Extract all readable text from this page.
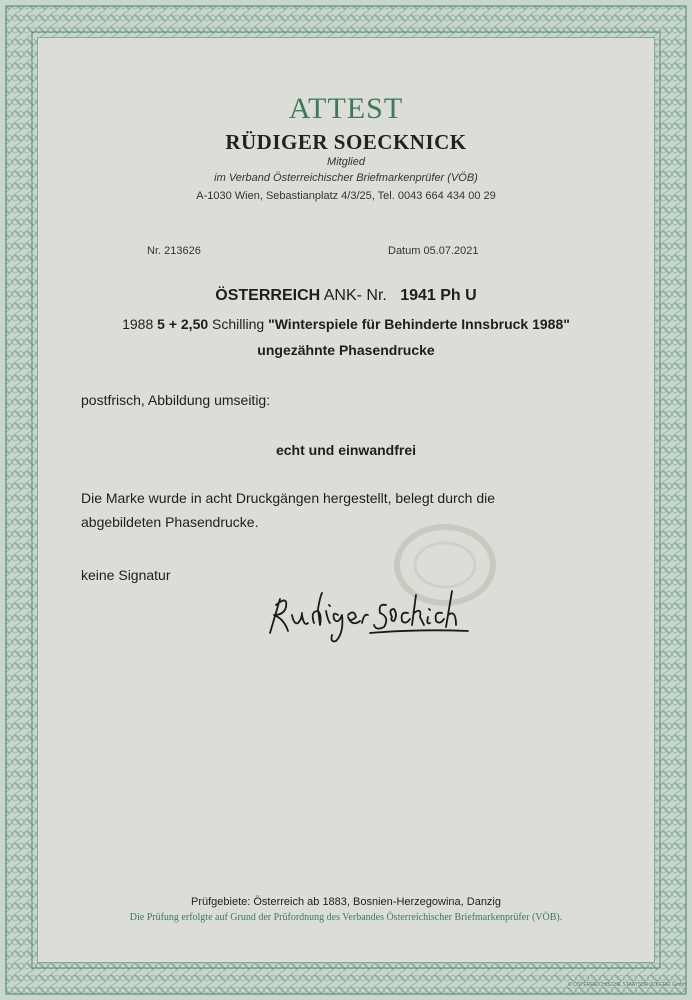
ATTEST
RÜDIGER SOECKNICK
Mitglied
im Verband Österreichischer Briefmarkenprüfer (VÖB)
A-1030 Wien, Sebastianplatz 4/3/25, Tel. 0043 664 434 00 29
Nr. 213626	Datum 05.07.2021
ÖSTERREICH ANK- Nr. 1941 Ph U
1988 5 + 2,50 Schilling "Winterspiele für Behinderte Innsbruck 1988"
ungezähnte Phasendrucke
postfrisch, Abbildung umseitig:
echt und einwandfrei
Die Marke wurde in acht Druckgängen hergestellt, belegt durch die
abgebildeten Phasendrucke.
keine Signatur
Prüfgebiete: Österreich ab 1883, Bosnien-Herzegowina, Danzig
Die Prüfung erfolgte auf Grund der Prüfordnung des Verbandes Österreichischer Briefmarkenprüfer (VÖB).
© ÖSTERREICHISCHE STAATSDRUCKEREI GmbH
